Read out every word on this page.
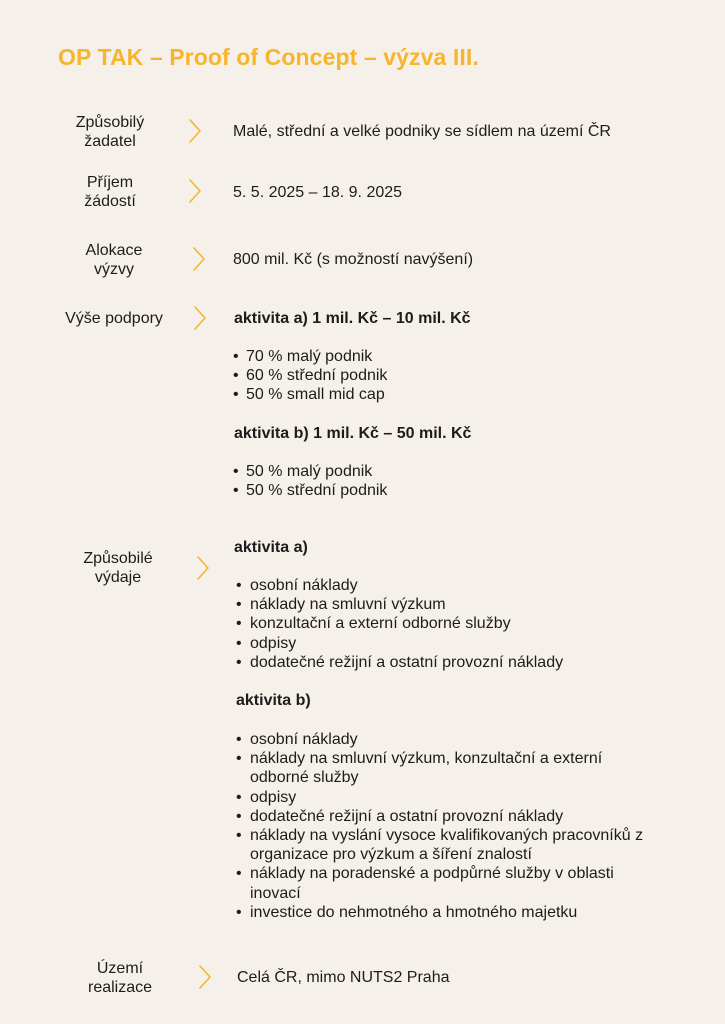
OP TAK – Proof of Concept – výzva III.
Způsobilý
žadatel
Malé, střední a velké podniky se sídlem na území ČR
Příjem
žádostí
5. 5. 2025 – 18. 9. 2025
Alokace
výzvy
800 mil. Kč (s možností navýšení)
Výše podpory	aktivita a) 1 mil. Kč – 10 mil. Kč
• 70 % malý podnik
• 60 % střední podnik
• 50 % small mid cap
aktivita b) 1 mil. Kč – 50 mil. Kč
• 50 % malý podnik
• 50 % střední podnik
Způsobilé
výdaje
aktivita a)
• osobní náklady
• náklady na smluvní výzkum
• konzultační a externí odborné služby
• odpisy
• dodatečné režijní a ostatní provozní náklady
aktivita b)
• osobní náklady
• náklady na smluvní výzkum, konzultační a externí odborné služby
• odpisy
• dodatečné režijní a ostatní provozní náklady
• náklady na vyslání vysoce kvalifikovaných pracovníků z organizace pro výzkum a šíření znalostí
• náklady na poradenské a podpůrné služby v oblasti inovací
• investice do nehmotného a hmotného majetku
Území
realizace
Celá ČR, mimo NUTS2 Praha
